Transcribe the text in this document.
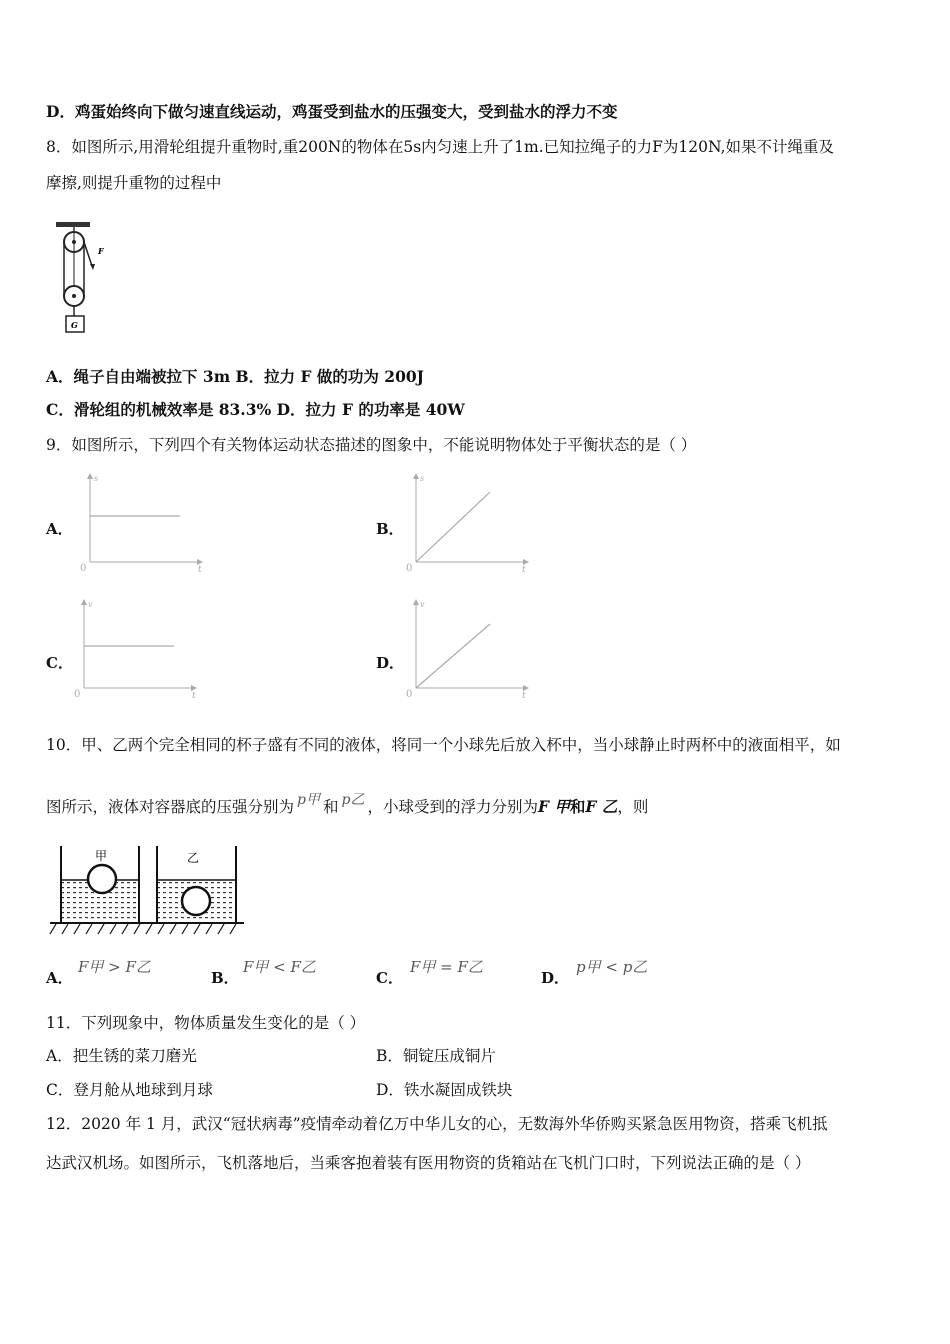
D．鸡蛋始终向下做匀速直线运动，鸡蛋受到盐水的压强变大，受到盐水的浮力不变
8．如图所示,用滑轮组提升重物时,重200N的物体在5s内匀速上升了1m.已知拉绳子的力F为120N,如果不计绳重及
摩擦,则提升重物的过程中
F
G
A．绳子自由端被拉下 3m B．拉力 F 做的功为 200J
C．滑轮组的机械效率是 83.3% D．拉力 F 的功率是 40W
9．如图所示，下列四个有关物体运动状态描述的图象中，不能说明物体处于平衡状态的是（ ）
A．
s
t
0
B．
s
t
0
C．
v
t
0
D．
v
t
0
10．甲、乙两个完全相同的杯子盛有不同的液体，将同一个小球先后放入杯中，当小球静止时两杯中的液面相平，如
图所示，液体对容器底的压强分别为 p甲 和 p乙 ，小球受到的浮力分别为F 甲和F 乙，则
甲	乙
A．
F甲 > F乙
B．
F甲 < F乙
C．
F甲 = F乙
D．
p甲 < p乙
11．下列现象中，物体质量发生变化的是（ ）
A．把生锈的菜刀磨光	B．铜锭压成铜片
C．登月舱从地球到月球	D．铁水凝固成铁块
12．2020 年 1 月，武汉“冠状病毒”疫情牵动着亿万中华儿女的心，无数海外华侨购买紧急医用物资，搭乘飞机抵
达武汉机场。如图所示，飞机落地后，当乘客抱着装有医用物资的货箱站在飞机门口时，下列说法正确的是（ ）
